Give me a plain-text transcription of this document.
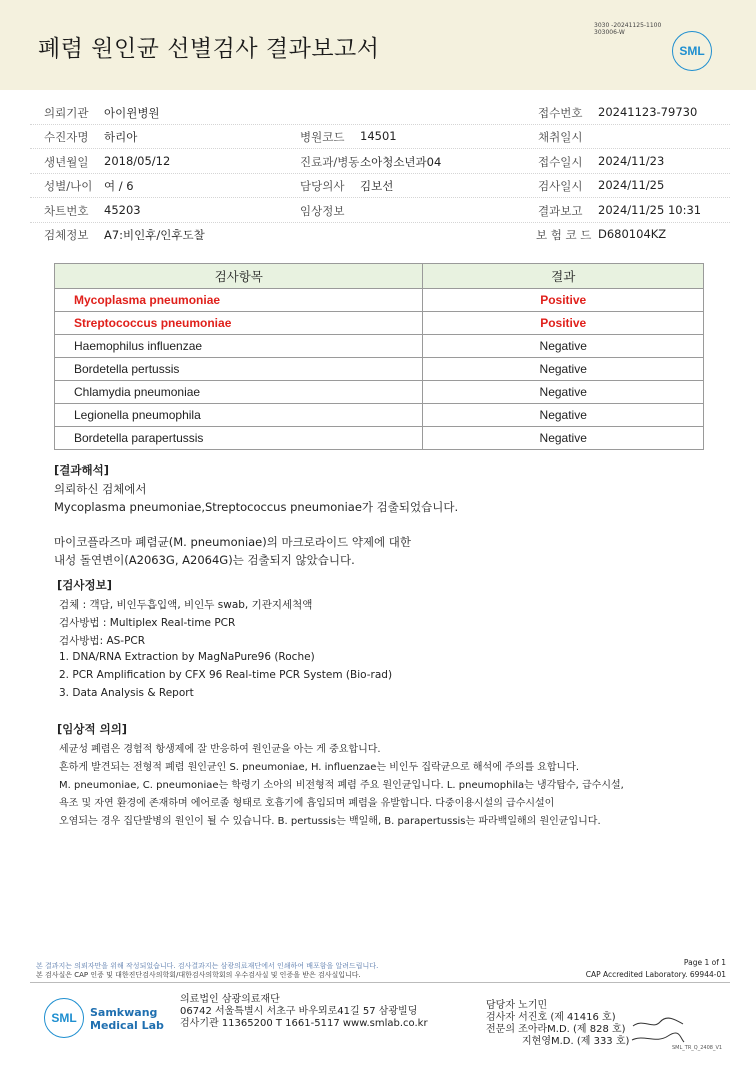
폐렴 원인균 선별검사 결과보고서
3030 -20241125-1100
303006-W
SML
의뢰기관 아이윈병원	접수번호 20241123-79730
수진자명 하리아	병원코드 14501	채취일시
생년월일 2018/05/12	진료과/병동 소아청소년과04	접수일시 2024/11/23
성별/나이 여 / 6	담당의사 김보선	검사일시 2024/11/25
차트번호 45203	임상정보	결과보고 2024/11/25 10:31
검체정보 A7:비인후/인후도찰	보 험 코 드 D680104KZ
검사항목	결과
Mycoplasma pneumoniae	Positive
Streptococcus pneumoniae	Positive
Haemophilus influenzae	Negative
Bordetella pertussis	Negative
Chlamydia pneumoniae	Negative
Legionella pneumophila	Negative
Bordetella parapertussis	Negative
[결과해석]
의뢰하신 검체에서
Mycoplasma pneumoniae,Streptococcus pneumoniae가 검출되었습니다.
마이코플라즈마 폐렴균(M. pneumoniae)의 마크로라이드 약제에 대한
내성 돌연변이(A2063G, A2064G)는 검출되지 않았습니다.
[검사정보]
검체 : 객담, 비인두흡입액, 비인두 swab, 기관지세척액
검사방법 : Multiplex Real-time PCR
검사방법: AS-PCR
1. DNA/RNA Extraction by MagNaPure96 (Roche)
2. PCR Amplification by CFX 96 Real-time PCR System (Bio-rad)
3. Data Analysis & Report
[임상적 의의]
세균성 폐렴은 경험적 항생제에 잘 반응하여 원인균을 아는 게 중요합니다.
흔하게 발견되는 전형적 폐렴 원인균인 S. pneumoniae, H. influenzae는 비인두 집락균으로 해석에 주의를 요합니다.
M. pneumoniae, C. pneumoniae는 학령기 소아의 비전형적 폐렴 주요 원인균입니다. L. pneumophila는 냉각탑수, 급수시설,
욕조 및 자연 환경에 존재하며 에어로졸 형태로 호흡기에 흡입되며 폐렴을 유발합니다. 다중이용시설의 급수시설이
오염되는 경우 집단발병의 원인이 될 수 있습니다. B. pertussis는 백일해, B. parapertussis는 파라백일해의 원인균입니다.
본 결과지는 의뢰자만을 위해 작성되었습니다. 검사결과지는 삼광의료재단에서 인쇄하여 배포함을 알려드립니다.
본 검사실은 CAP 인증 및 대한진단검사의학회/대한검사의학회의 우수검사실 및 인증을 받은 검사실입니다.
Page 1 of 1
CAP Accredited Laboratory. 69944-01
SML	Samkwang
Medical Lab
의료법인 삼광의료재단
06742 서울특별시 서초구 바우뫼로41길 57 삼광빌딩
검사기관 11365200 T 1661-5117 www.smlab.co.kr
담당자 노기민
검사자 서진호 (제 41416 호)
전문의 조아라M.D. (제 828 호)
지현영M.D. (제 333 호)
SML_TR_Q_2408_V1
